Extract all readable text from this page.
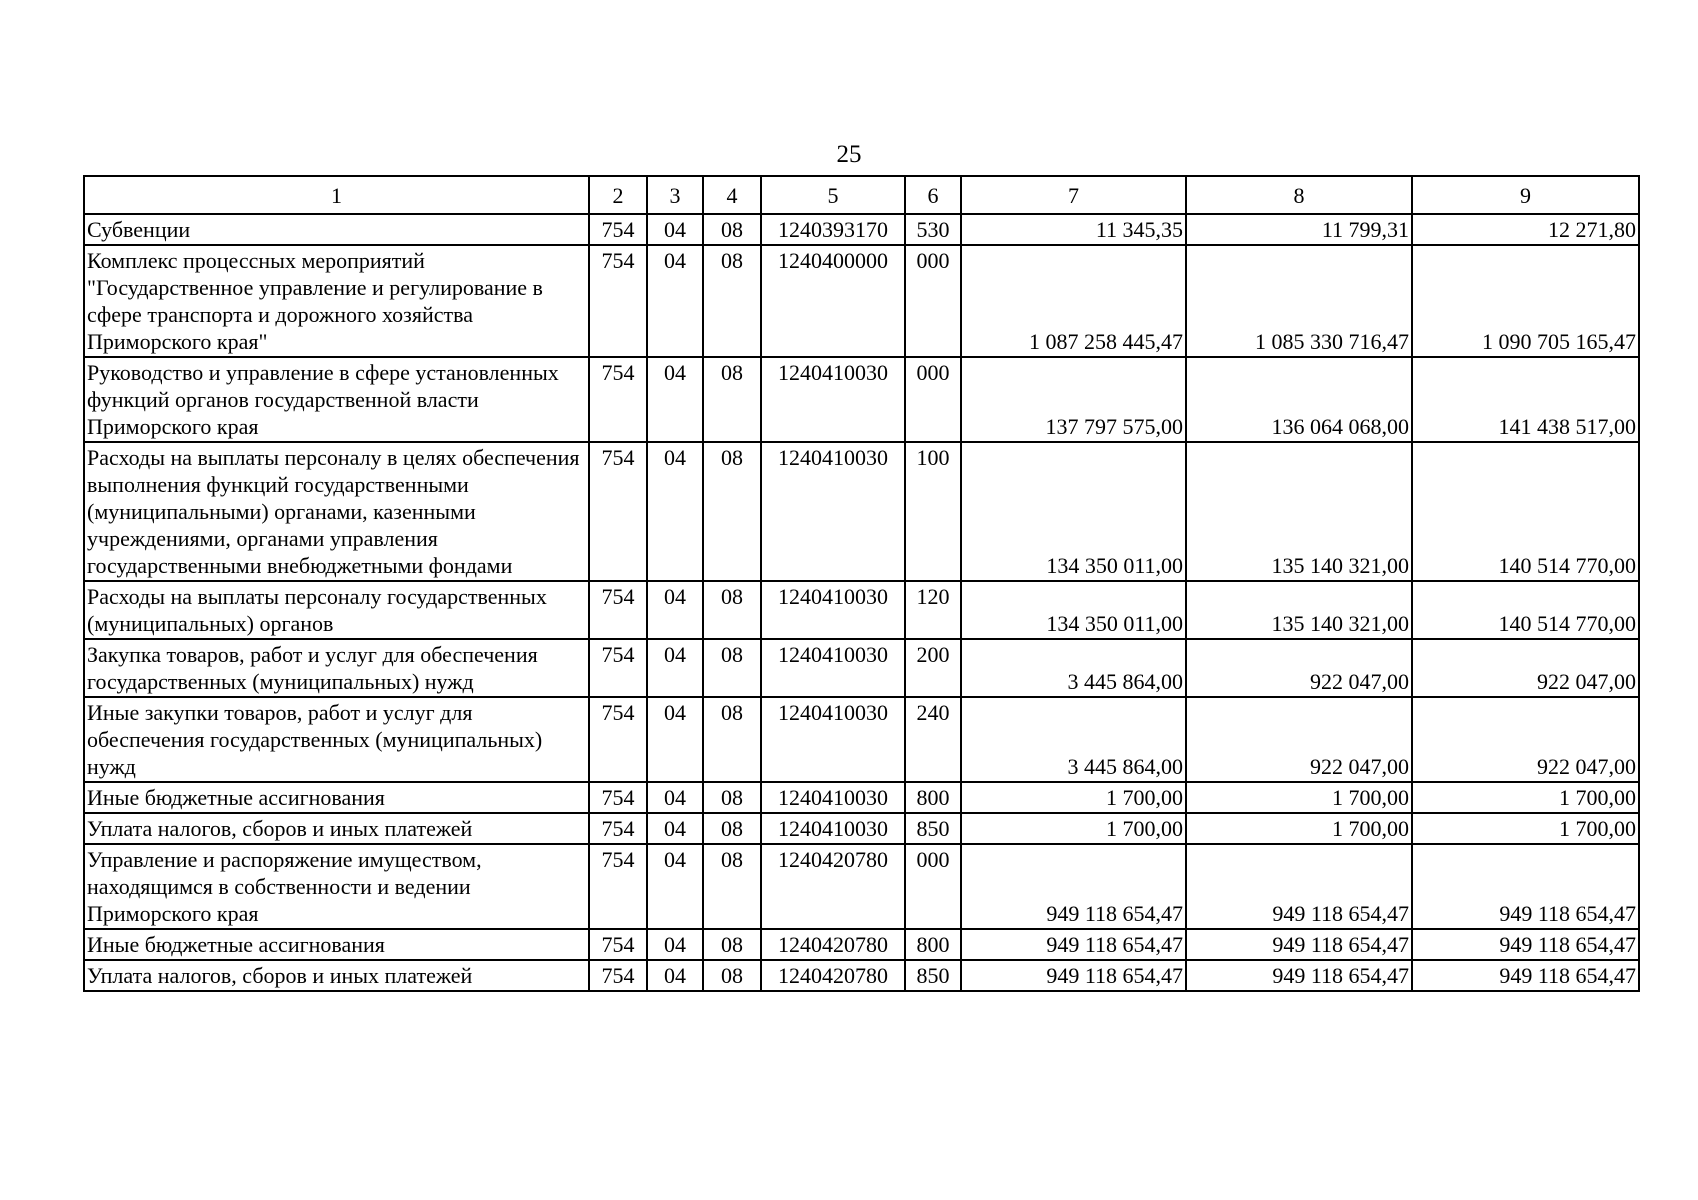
25
1	2	3	4	5	6	7	8	9
Субвенции	754	04	08	1240393170	530	11 345,35	11 799,31	12 271,80
Комплекс процессных мероприятий "Государственное управление и регулирование в сфере транспорта и дорожного хозяйства Приморского края"	754	04	08	1240400000	000	1 087 258 445,47	1 085 330 716,47	1 090 705 165,47
Руководство и управление в сфере установленных функций органов государственной власти Приморского края	754	04	08	1240410030	000	137 797 575,00	136 064 068,00	141 438 517,00
Расходы на выплаты персоналу в целях обеспечения выполнения функций государственными (муниципальными) органами, казенными учреждениями, органами управления государственными внебюджетными фондами	754	04	08	1240410030	100	134 350 011,00	135 140 321,00	140 514 770,00
Расходы на выплаты персоналу государственных (муниципальных) органов	754	04	08	1240410030	120	134 350 011,00	135 140 321,00	140 514 770,00
Закупка товаров, работ и услуг для обеспечения государственных (муниципальных) нужд	754	04	08	1240410030	200	3 445 864,00	922 047,00	922 047,00
Иные закупки товаров, работ и услуг для обеспечения государственных (муниципальных) нужд	754	04	08	1240410030	240	3 445 864,00	922 047,00	922 047,00
Иные бюджетные ассигнования	754	04	08	1240410030	800	1 700,00	1 700,00	1 700,00
Уплата налогов, сборов и иных платежей	754	04	08	1240410030	850	1 700,00	1 700,00	1 700,00
Управление и распоряжение имуществом, находящимся в собственности и ведении Приморского края	754	04	08	1240420780	000	949 118 654,47	949 118 654,47	949 118 654,47
Иные бюджетные ассигнования	754	04	08	1240420780	800	949 118 654,47	949 118 654,47	949 118 654,47
Уплата налогов, сборов и иных платежей	754	04	08	1240420780	850	949 118 654,47	949 118 654,47	949 118 654,47
